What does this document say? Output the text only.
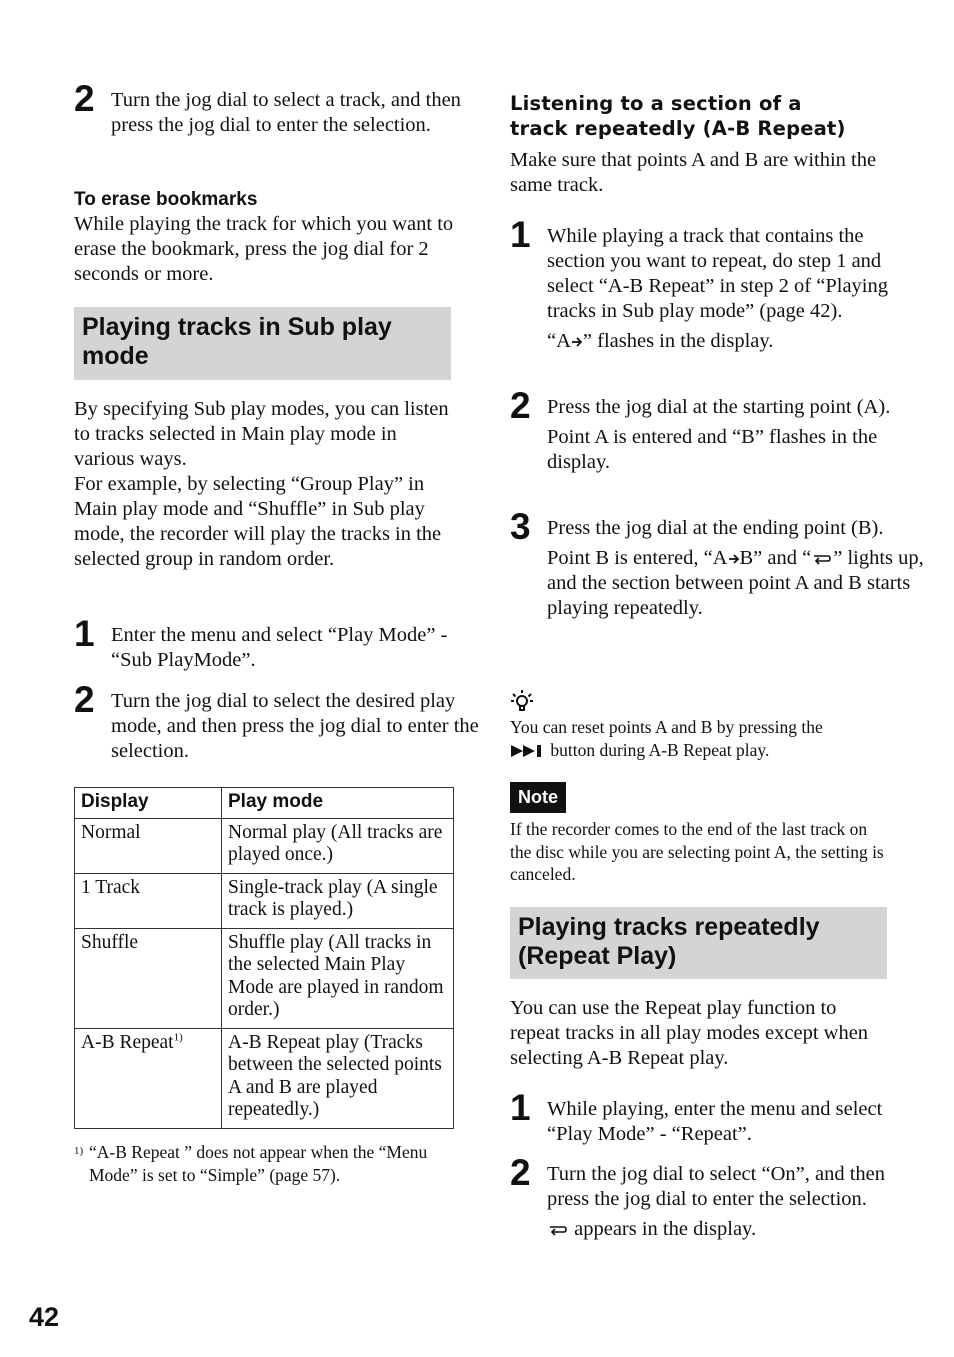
2 Turn the jog dial to select a track, and then press the jog dial to enter the selection.

To erase bookmarks

While playing the track for which you want to erase the bookmark, press the jog dial for 2 seconds or more.

Playing tracks in Sub play mode

By specifying Sub play modes, you can listen to tracks selected in Main play mode in various ways.

For example, by selecting “Group Play” in Main play mode and “Shuffle” in Sub play mode, the recorder will play the tracks in the selected group in random order.

1 Enter the menu and select “Play Mode” - “Sub PlayMode”.

2 Turn the jog dial to select the desired play mode, and then press the jog dial to enter the selection.

Display	Play mode
Normal	Normal play (All tracks are played once.)
1 Track	Single-track play (A single track is played.)
Shuffle	Shuffle play (All tracks in the selected Main Play Mode are played in random order.)
A-B Repeat$^{1)}$	A-B Repeat play (Tracks between the selected points A and B are played repeatedly.)

1) “A-B Repeat ” does not appear when the “Menu Mode” is set to “Simple” (page 57).

Listening to a section of a

track repeatedly (A-B Repeat)

Make sure that points A and B are within the same track.

1 While playing a track that contains the section you want to repeat, do step 1 and select “A-B Repeat” in step 2 of “Playing tracks in Sub play mode” (page 42).

“A ” flashes in the display.

2 Press the jog dial at the starting point (A).

Point A is entered and “B” flashes in the display.

3 Press the jog dial at the ending point (B).

Point B is entered, “A B” and “ ” lights up, and the section between point A and B starts playing repeatedly.

You can reset points A and B by pressing the
button during A-B Repeat play.

Note

If the recorder comes to the end of the last track on the disc while you are selecting point A, the setting is canceled.

Playing tracks repeatedly (Repeat Play)

You can use the Repeat play function to repeat tracks in all play modes except when selecting A-B Repeat play.

1 While playing, enter the menu and select “Play Mode” - “Repeat”.

2 Turn the jog dial to select “On”, and then press the jog dial to enter the selection.

appears in the display.

42
